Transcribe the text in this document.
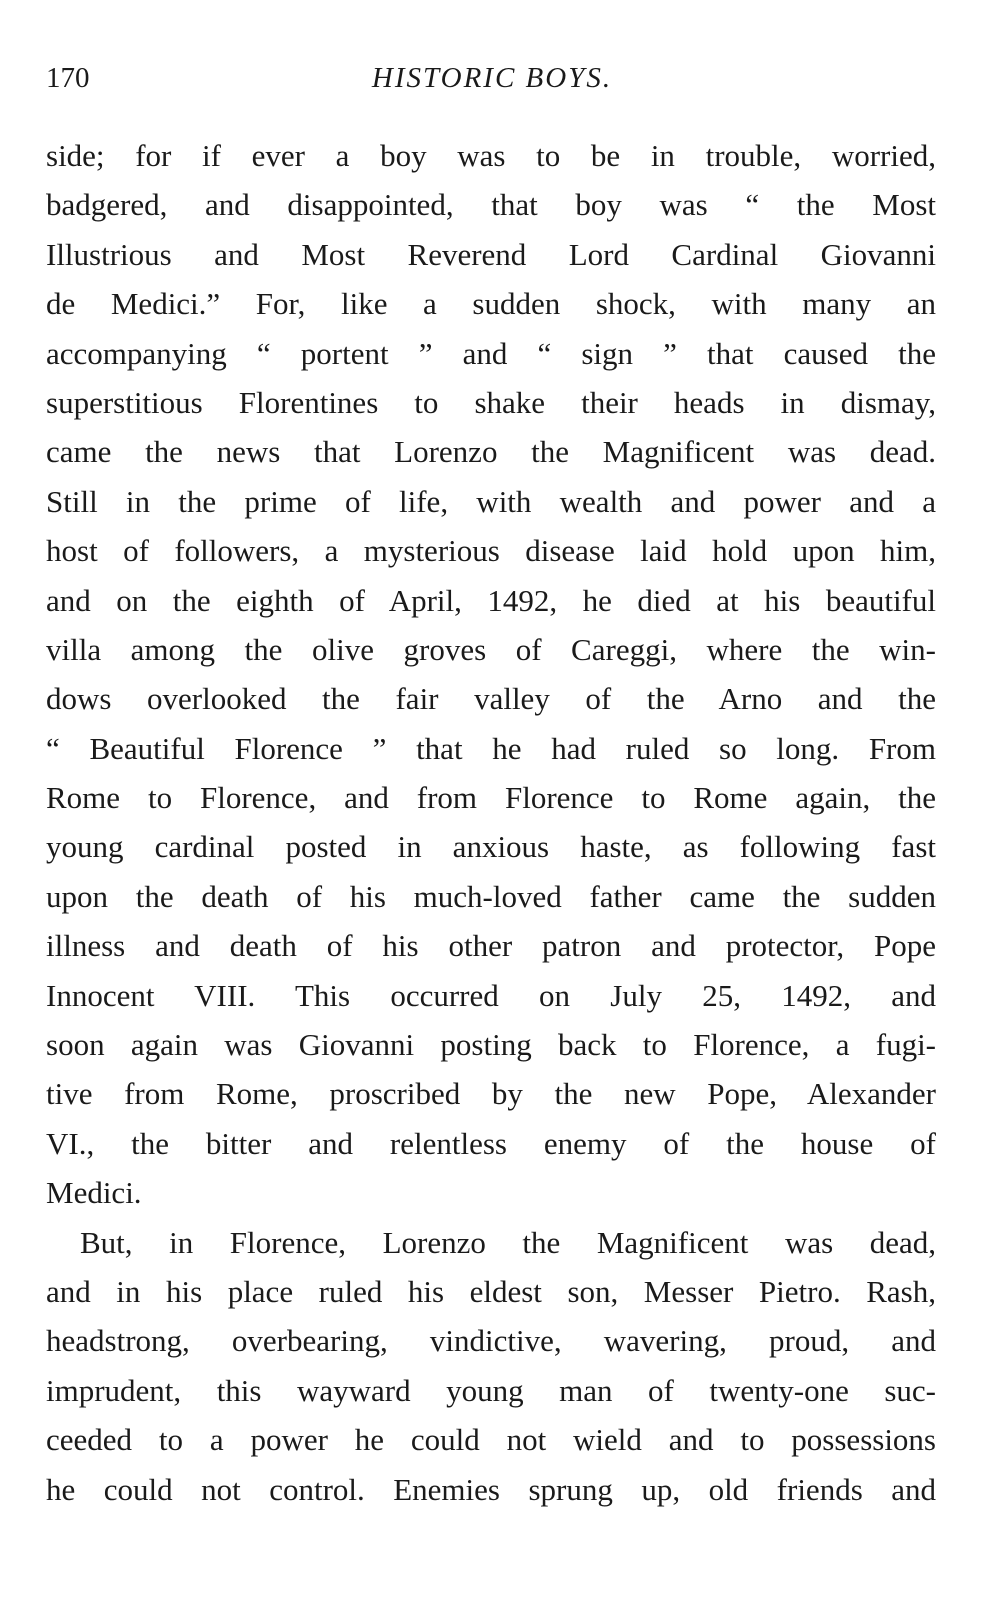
170	HISTORIC BOYS.
side; for if ever a boy was to be in trouble, worried,
badgered, and disappointed, that boy was “ the Most
Illustrious and Most Reverend Lord Cardinal Giovanni
de Medici.” For, like a sudden shock, with many an
accompanying “ portent ” and “ sign ” that caused the
superstitious Florentines to shake their heads in dismay,
came the news that Lorenzo the Magnificent was dead.
Still in the prime of life, with wealth and power and a
host of followers, a mysterious disease laid hold upon him,
and on the eighth of April, 1492, he died at his beautiful
villa among the olive groves of Careggi, where the win-
dows overlooked the fair valley of the Arno and the
“ Beautiful Florence ” that he had ruled so long. From
Rome to Florence, and from Florence to Rome again, the
young cardinal posted in anxious haste, as following fast
upon the death of his much-loved father came the sudden
illness and death of his other patron and protector, Pope
Innocent VIII. This occurred on July 25, 1492, and
soon again was Giovanni posting back to Florence, a fugi-
tive from Rome, proscribed by the new Pope, Alexander
VI., the bitter and relentless enemy of the house of
Medici.
But, in Florence, Lorenzo the Magnificent was dead,
and in his place ruled his eldest son, Messer Pietro. Rash,
headstrong, overbearing, vindictive, wavering, proud, and
imprudent, this wayward young man of twenty-one suc-
ceeded to a power he could not wield and to possessions
he could not control. Enemies sprung up, old friends and
